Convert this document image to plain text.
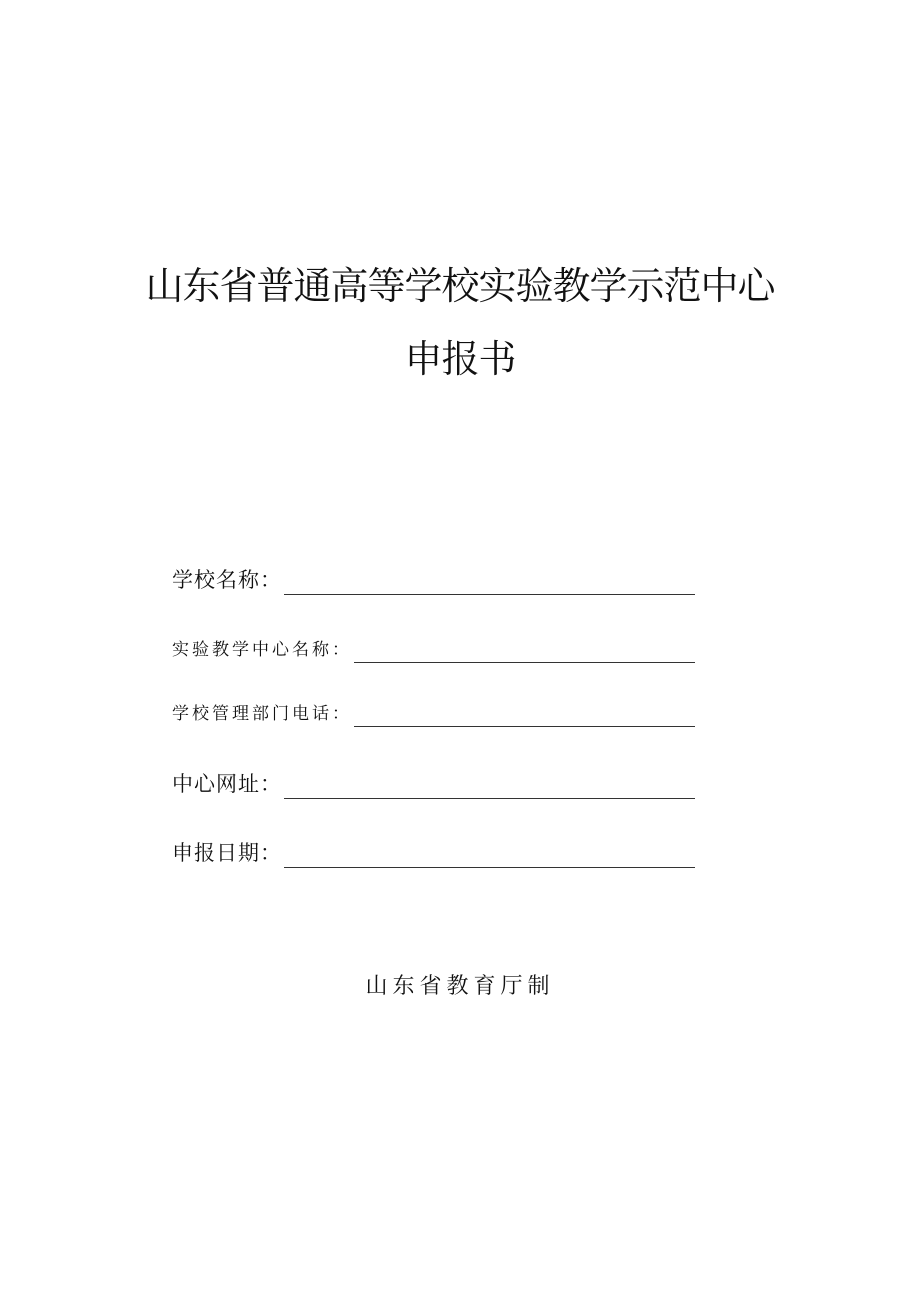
山东省普通高等学校实验教学示范中心
申报书
学校名称：
实验教学中心名称：
学校管理部门电话：
中心网址：
申报日期：
山东省教育厅制
